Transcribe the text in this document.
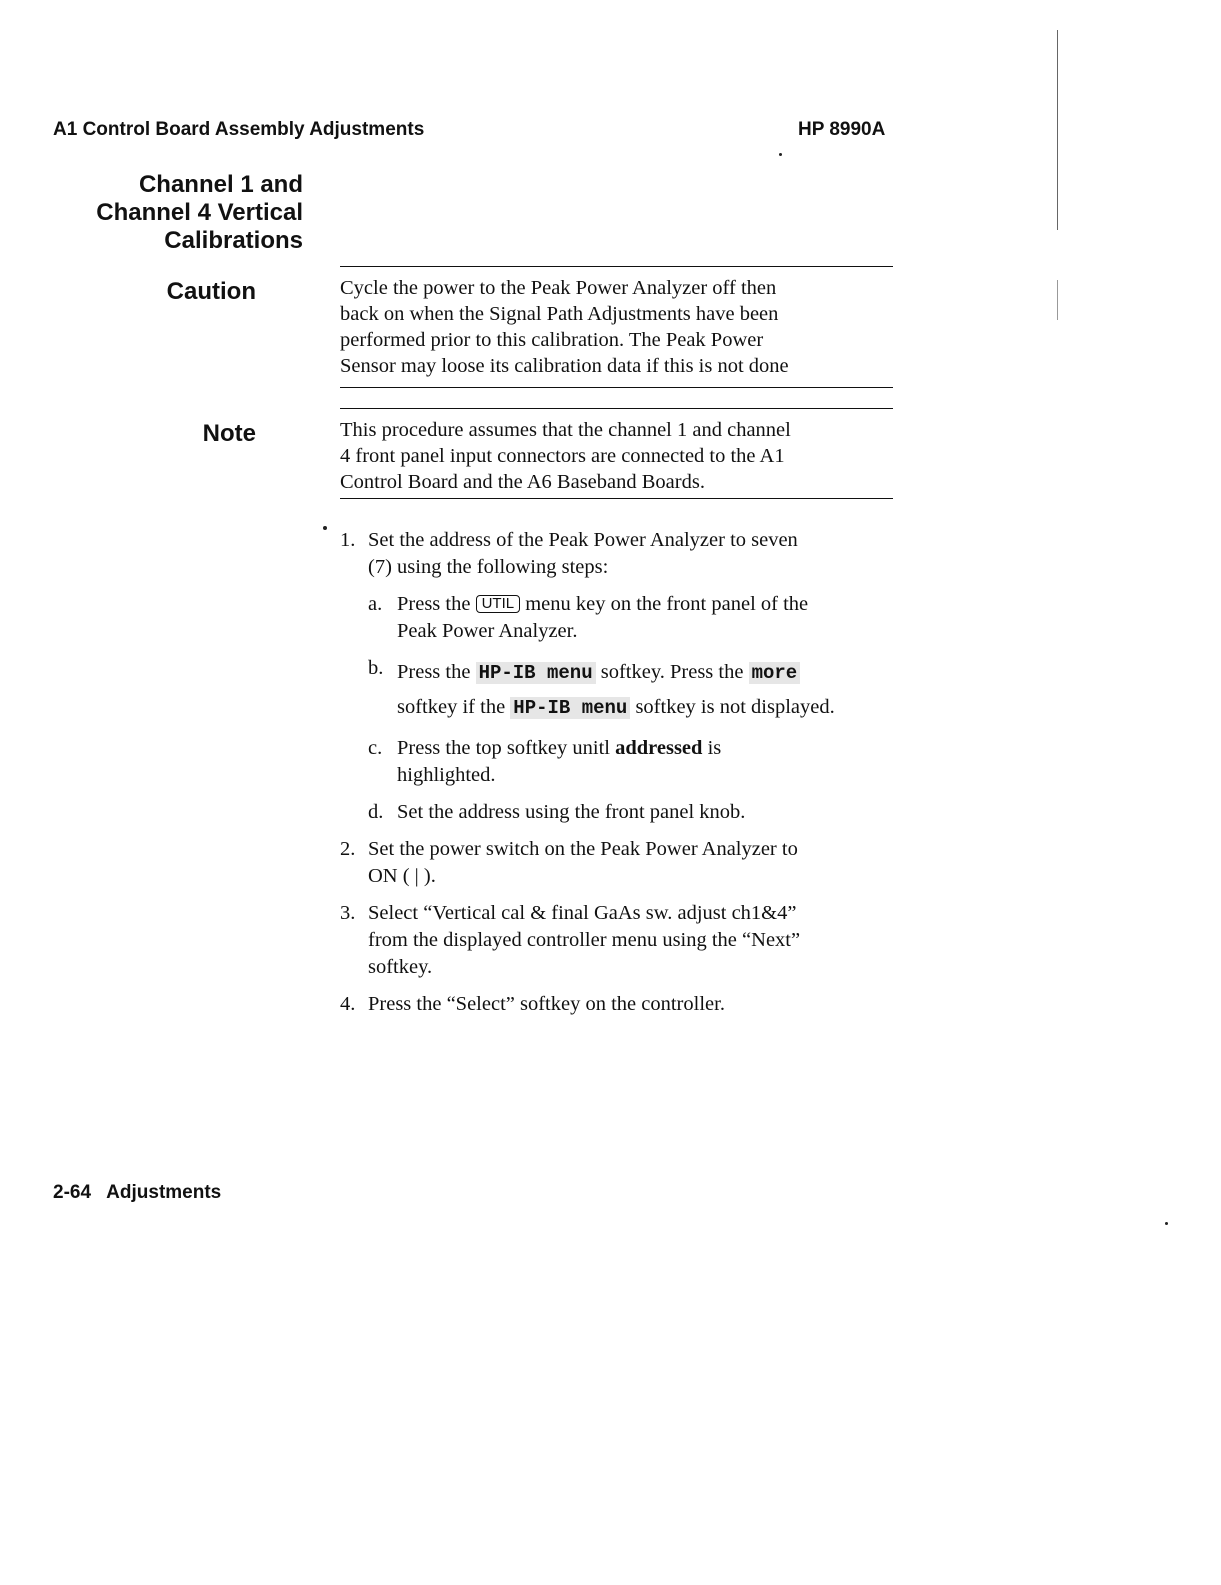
A1 Control Board Assembly Adjustments	HP 8990A
Channel 1 and
Channel 4 Vertical
Calibrations
Caution	Cycle the power to the Peak Power Analyzer off then
back on when the Signal Path Adjustments have been
performed prior to this calibration. The Peak Power
Sensor may loose its calibration data if this is not done
Note	This procedure assumes that the channel 1 and channel
4 front panel input connectors are connected to the A1
Control Board and the A6 Baseband Boards.
1. Set the address of the Peak Power Analyzer to seven
(7) using the following steps:
a. Press the UTIL menu key on the front panel of the
Peak Power Analyzer.
b. Press the HP-IB menu softkey. Press the more
softkey if the HP-IB menu softkey is not displayed.
c. Press the top softkey unitl addressed is
highlighted.
d. Set the address using the front panel knob.
2. Set the power switch on the Peak Power Analyzer to
ON ( | ).
3. Select “Vertical cal & final GaAs sw. adjust ch1&4”
from the displayed controller menu using the “Next”
softkey.
4. Press the “Select” softkey on the controller.
2-64   Adjustments
